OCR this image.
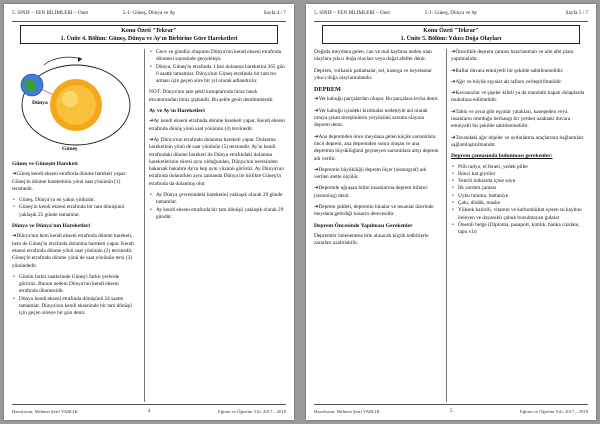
5. SINIF – FEN BİLİMLERİ – Onet	5-1: Güneş, Dünya ve Ay	Sayfa 4 / 7
Konu Özeti "Tekrar"
1. Ünite 4. Bölüm: Güneş, Dünya ve Ay'ın Birbirine Göre Hareketleri
Dünya
Güneş
Güneş ve Güneşin Hareketi
➜Güneş kendi ekseni etrafında dönme hareketi yapar. Güneş'in dönme hareketinin yönü saat yönünün (1) tersinedir.
• Güneş, Dünya'ya en yakın yıldızdır.
• Güneş'in kendi ekseni etrafında bir tam dönüşünü yaklaşık 25 günde tamamlar.
Dünya ve Dünya'nın Hareketleri
➜Dünya'nın hem kendi ekseni etrafında dönme hareketi, hem de Güneş'in etrafında dolanma hareketi yapar. Kendi ekseni etrafında dönme yönü saat yönünün (2) tersinedir. Güneş'in etrafında dönme yönü de saat yönünün tersi (3) yönündedir.
• Günün farklı saatlerinde Güneş'i farklı yerlerde görürüz. Bunun nedeni Dünya'nın kendi ekseni etrafında dönmesidir.
• Dünya kendi ekseni etrafında dönüşünü 24 saatte tamamlar. Dünya'nın kendi ekseninde bir tam dönüşü için geçen süreye bir gün denir.
• Gece ve gündüz oluşumu Dünya'nın kendi ekseni etrafında dönmesi sayesinde gerçekleşir.
• Dünya, Güneş'in etrafında 1 kez dolanma hareketini 365 gün 6 saatte tamamlar. Dünya'nın Güneş etrafında bir tam tur atması için geçen süre bir yıl olarak adlandırılır.
NOT: Dünya'nın tam şekli kutuplarında biraz basık ekvatorundan biraz şişkindir. Bu şekle geoit denilmektedir.
Ay ve Ay'ın Hareketleri
➜Ay kendi ekseni etrafında dönme hareketi yapar. Kendi ekseni etrafında dönüş yönü saat yönünün (4) tersinedir.
➜Ay Dünya'nın etrafında dolanma hareketi yapar. Dolanma hareketinin yönü de saat yönünün (5) tersinedir. Ay'ın kendi etrafındaki dönme hareketi ile Dünya etrafındaki dolanma hareketlerinin süresi aynı olduğundan, Dünya'nın neresinden bakarsak bakalım Ay'ın hep aynı yüzünü görürüz. Ay Dünya'nın etrafında dolanırken aynı zamanda Dünya ile birlikte Güneş'in etrafında da dolanmış olur.
• Ay Dünya çevresindeki hareketini yaklaşık olarak 29 günde tamamlar.
• Ay kendi ekseni etrafında bir tam dönüşü yaklaşık olarak 29 gündür.
Hazırlayan: Mehmet Şerif VARLIK	4	Eğitim ve Öğretim Yılı: 2017 – 2018
5. SINIF – FEN BİLİMLERİ – Onet	5-1: Güneş, Dünya ve Ay	Sayfa 5 / 7
Konu Özeti "Tekrar"
1. Ünite 5. Bölüm: Yıkıcı Doğa Olayları
Doğada meydana gelen, can ve mal kaybına neden olan olaylara yıkıcı doğa olayları veya doğal afetler denir.
Deprem, volkanik patlamalar, sel, kasırga ve heyelanlar yıkıcı doğa olaylarındandır.
DEPREM
➜Yer kabuğu parçalardan oluşur. Bu parçalara levha denir.
➜Yer kabuğu içindeki kırılmalar nedeniyle ani olarak ortaya çıkan titreşimlerin yeryüzünü sarsma olayına deprem denir.
➜Ana depremden önce meydana gelen küçük sarsıntılara öncü deprem, ana depremden sonra oluşan ve ana depremin büyüklüğünü geçmeyen sarsıntılara artçı deprem adı verilir.
➜Depremin büyüklüğü deprem ölçer (sismograf) adı verilen aletle ölçülür.
➜Depremle uğraşan bilim insanlarına deprem bilimci (sismolog) denir.
➜Deprem şiddeti, depremin binalar ve insanlar üzerinde meydana getirdiği hasarın derecesidir.
Deprem Öncesinde Yapılması Gerekenler
Depremler önlenemese bile alınacak küçük tedbirlerle zararları azaltılabilir.
➜Öncelikle deprem çantası hazırlanmalı ve aile afet planı yapılmalıdır.
➜Raflar duvara emniyetli bir şekilde sabitlenmelidir.
➜Ağır ve büyük eşyalar alt raflara yerleştirilmelidir.
➜Kavanozlar ve şişeler kilitli ya da mandallı kapalı dolaplarda muhafaza edilmelidir.
➜Tablo ve ayna gibi eşyalar yatakları, kanepeden veya insanların oturduğu herhangi bir yerden uzaktaki duvara emniyetli bir şekilde sabitlenmelidir.
➜Tavandaki ağır objeler ve aydınlatma araçlarının bağlantıları sağlamlaştırılmalıdır.
Deprem çantasında bulunması gerekenler:
• Pilli radyo, el feneri, yedek piller
• İkinci kat giysiler
• Yeterli miktarda içme suyu
• İlk yardım çantası
• Uyku tulumu, battaniye
• Çakı, düdük, maske
• Yüksek kalorili, vitamin ve karbonhidrat içeren su kaybını önleyen ve dayanıklı çabuk bozulmayan gıdalar
• Önemli belge (Diploma, pasaport, kimlik, banka cüzdanı, tapu v.b)
Hazırlayan: Mehmet Şerif VARLIK	5	Eğitim ve Öğretim Yılı: 2017 – 2018
